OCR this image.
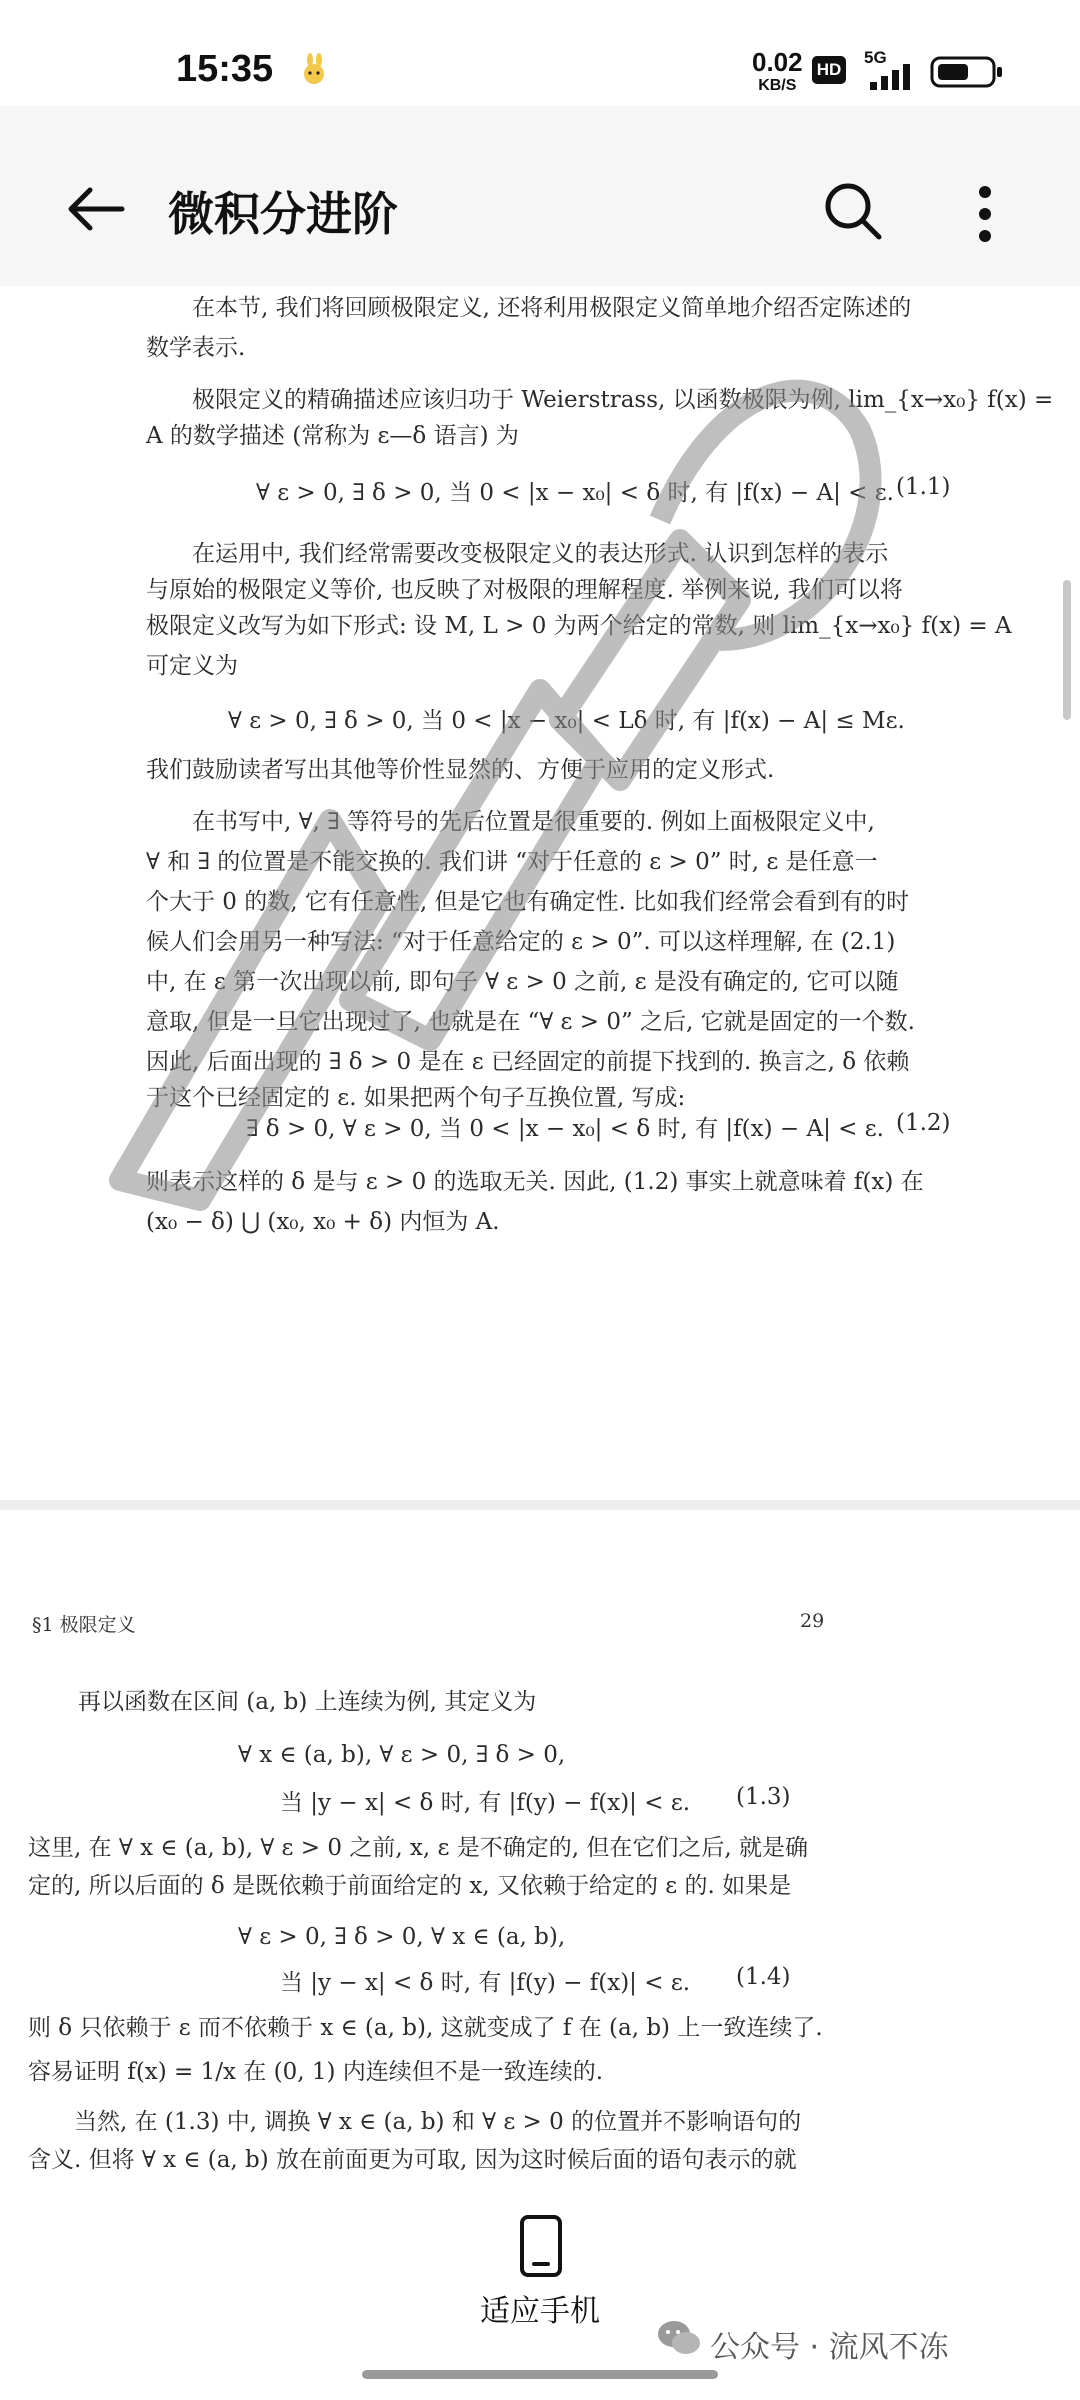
15:35	0.02
KB/S
HD
5G
微积分进阶
在本节, 我们将回顾极限定义, 还将利用极限定义简单地介绍否定陈述的
数学表示.
极限定义的精确描述应该归功于 Weierstrass, 以函数极限为例, lim_{x→x₀} f(x) =
A 的数学描述 (常称为 ε—δ 语言) 为
∀ ε > 0, ∃ δ > 0, 当 0 < |x − x₀| < δ 时, 有 |f(x) − A| < ε. (1.1)
在运用中, 我们经常需要改变极限定义的表达形式. 认识到怎样的表示
与原始的极限定义等价, 也反映了对极限的理解程度. 举例来说, 我们可以将
极限定义改写为如下形式: 设 M, L > 0 为两个给定的常数, 则 lim_{x→x₀} f(x) = A
可定义为
∀ ε > 0, ∃ δ > 0, 当 0 < |x − x₀| < Lδ 时, 有 |f(x) − A| ≤ Mε.
我们鼓励读者写出其他等价性显然的、方便于应用的定义形式.
在书写中, ∀, ∃ 等符号的先后位置是很重要的. 例如上面极限定义中,
∀ 和 ∃ 的位置是不能交换的. 我们讲 “对于任意的 ε > 0” 时, ε 是任意一
个大于 0 的数, 它有任意性, 但是它也有确定性. 比如我们经常会看到有的时
候人们会用另一种写法: “对于任意给定的 ε > 0”. 可以这样理解, 在 (2.1)
中, 在 ε 第一次出现以前, 即句子 ∀ ε > 0 之前, ε 是没有确定的, 它可以随
意取, 但是一旦它出现过了, 也就是在 “∀ ε > 0” 之后, 它就是固定的一个数.
因此, 后面出现的 ∃ δ > 0 是在 ε 已经固定的前提下找到的. 换言之, δ 依赖
于这个已经固定的 ε. 如果把两个句子互换位置, 写成:
∃ δ > 0, ∀ ε > 0, 当 0 < |x − x₀| < δ 时, 有 |f(x) − A| < ε. (1.2)
则表示这样的 δ 是与 ε > 0 的选取无关. 因此, (1.2) 事实上就意味着 f(x) 在
(x₀ − δ) ⋃ (x₀, x₀ + δ) 内恒为 A.
§1 极限定义	29
再以函数在区间 (a, b) 上连续为例, 其定义为
∀ x ∈ (a, b), ∀ ε > 0, ∃ δ > 0,
当 |y − x| < δ 时, 有 |f(y) − f(x)| < ε. (1.3)
这里, 在 ∀ x ∈ (a, b), ∀ ε > 0 之前, x, ε 是不确定的, 但在它们之后, 就是确
定的, 所以后面的 δ 是既依赖于前面给定的 x, 又依赖于给定的 ε 的. 如果是
∀ ε > 0, ∃ δ > 0, ∀ x ∈ (a, b),
当 |y − x| < δ 时, 有 |f(y) − f(x)| < ε. (1.4)
则 δ 只依赖于 ε 而不依赖于 x ∈ (a, b), 这就变成了 f 在 (a, b) 上一致连续了.
容易证明 f(x) = 1/x 在 (0, 1) 内连续但不是一致连续的.
当然, 在 (1.3) 中, 调换 ∀ x ∈ (a, b) 和 ∀ ε > 0 的位置并不影响语句的
含义. 但将 ∀ x ∈ (a, b) 放在前面更为可取, 因为这时候后面的语句表示的就
适应手机
公众号 · 流风不冻
